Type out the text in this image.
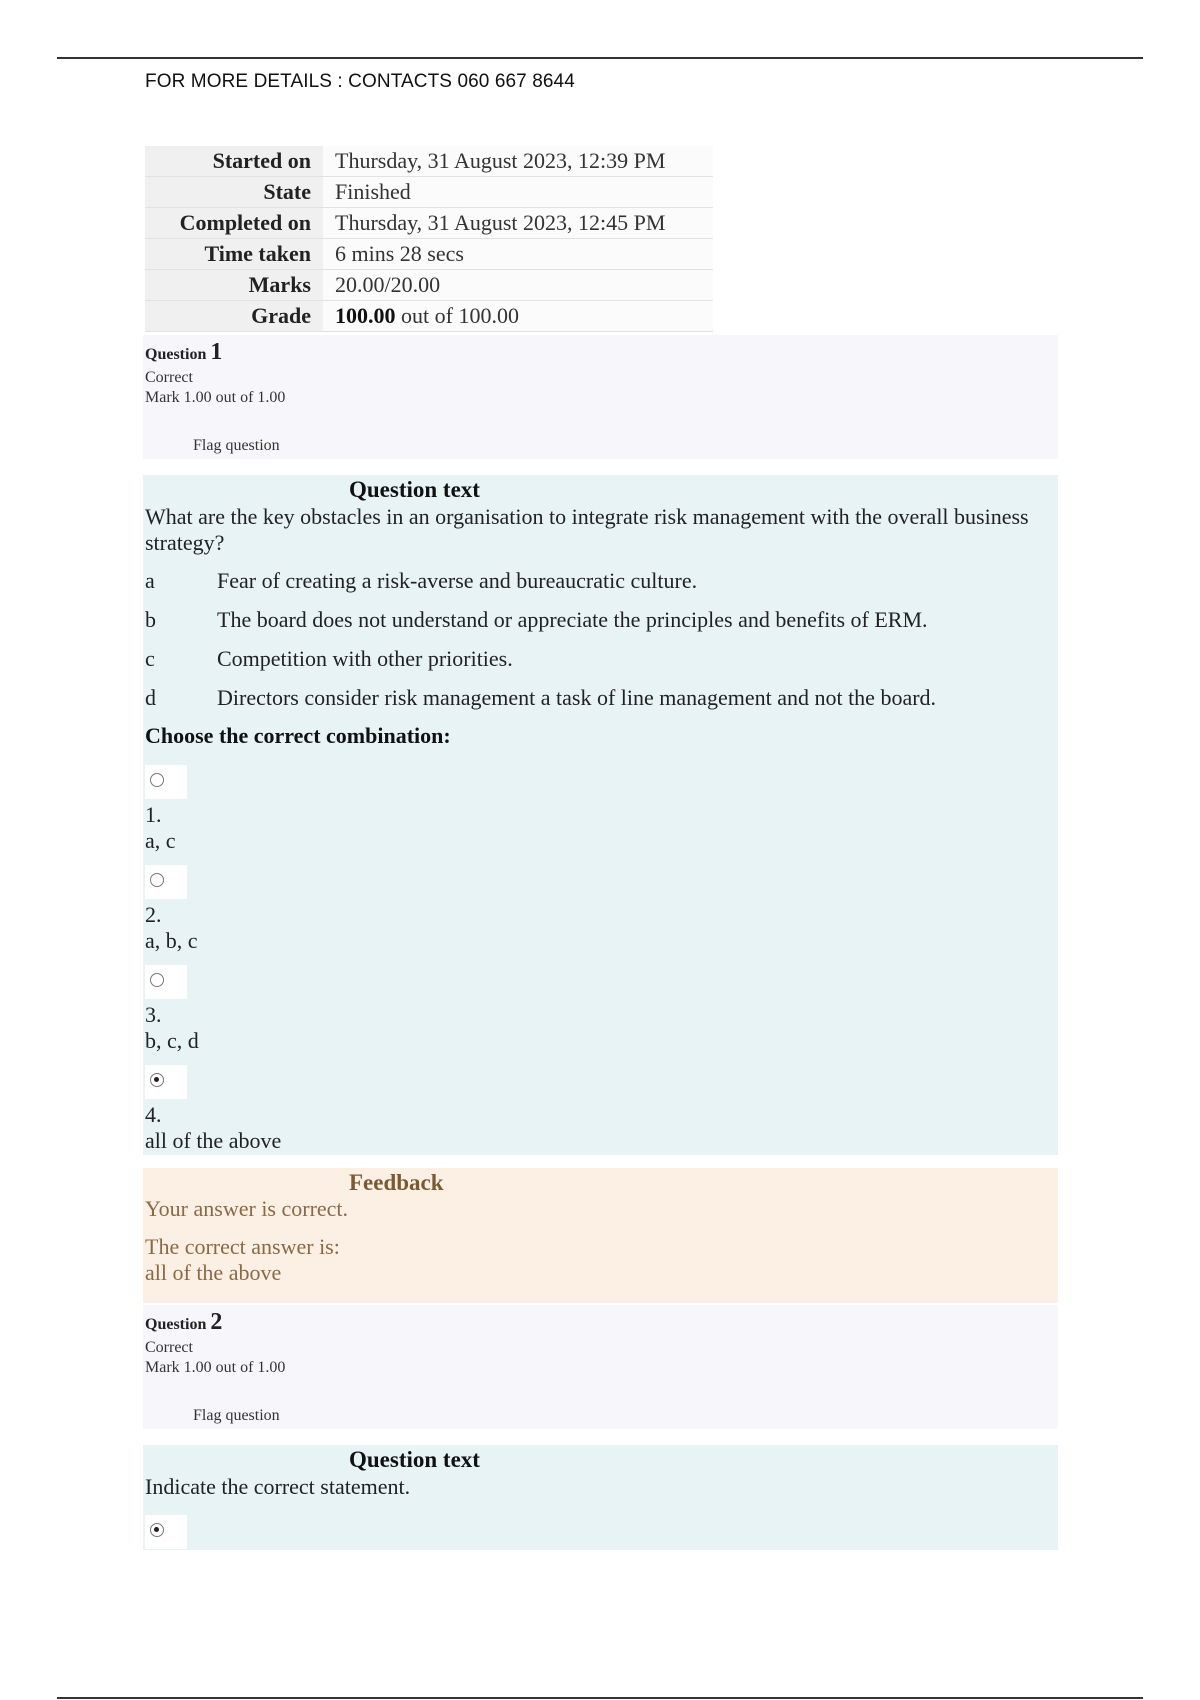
FOR MORE DETAILS : CONTACTS 060 667 8644
Started on	Thursday, 31 August 2023, 12:39 PM
State	Finished
Completed on	Thursday, 31 August 2023, 12:45 PM
Time taken	6 mins 28 secs
Marks	20.00/20.00
Grade	100.00 out of 100.00
Question 1
Correct
Mark 1.00 out of 1.00
Flag question
Question text
What are the key obstacles in an organisation to integrate risk management with the overall business strategy?
a	Fear of creating a risk-averse and bureaucratic culture.
b	The board does not understand or appreciate the principles and benefits of ERM.
c	Competition with other priorities.
d	Directors consider risk management a task of line management and not the board.
Choose the correct combination:
1.
a, c
2.
a, b, c
3.
b, c, d
4.
all of the above
Feedback
Your answer is correct.
The correct answer is:
all of the above
Question 2
Correct
Mark 1.00 out of 1.00
Flag question
Question text
Indicate the correct statement.
